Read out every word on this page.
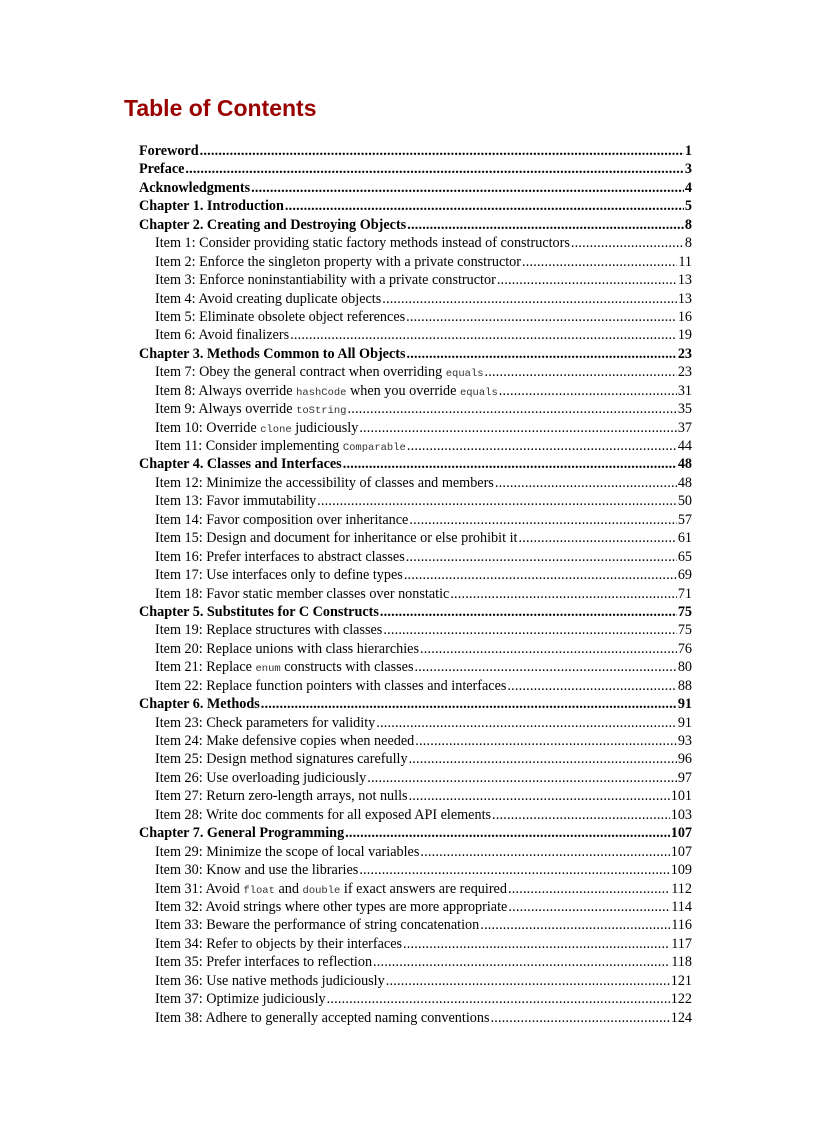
Table of Contents
Foreword .....	1
Preface .....	3
Acknowledgments .....	4
Chapter 1. Introduction .....	5
Chapter 2. Creating and Destroying Objects .....	8
Item 1: Consider providing static factory methods instead of constructors .....	8
Item 2: Enforce the singleton property with a private constructor .....	11
Item 3: Enforce noninstantiability with a private constructor .....	13
Item 4: Avoid creating duplicate objects .....	13
Item 5: Eliminate obsolete object references .....	16
Item 6: Avoid finalizers .....	19
Chapter 3. Methods Common to All Objects .....	23
Item 7: Obey the general contract when overriding equals .....	23
Item 8: Always override hashCode when you override equals .....	31
Item 9: Always override toString .....	35
Item 10: Override clone judiciously .....	37
Item 11: Consider implementing Comparable .....	44
Chapter 4. Classes and Interfaces .....	48
Item 12: Minimize the accessibility of classes and members .....	48
Item 13: Favor immutability .....	50
Item 14: Favor composition over inheritance .....	57
Item 15: Design and document for inheritance or else prohibit it .....	61
Item 16: Prefer interfaces to abstract classes .....	65
Item 17: Use interfaces only to define types .....	69
Item 18: Favor static member classes over nonstatic .....	71
Chapter 5. Substitutes for C Constructs .....	75
Item 19: Replace structures with classes .....	75
Item 20: Replace unions with class hierarchies .....	76
Item 21: Replace enum constructs with classes .....	80
Item 22: Replace function pointers with classes and interfaces .....	88
Chapter 6. Methods .....	91
Item 23: Check parameters for validity .....	91
Item 24: Make defensive copies when needed .....	93
Item 25: Design method signatures carefully .....	96
Item 26: Use overloading judiciously .....	97
Item 27: Return zero-length arrays, not nulls .....	101
Item 28: Write doc comments for all exposed API elements .....	103
Chapter 7. General Programming .....	107
Item 29: Minimize the scope of local variables .....	107
Item 30: Know and use the libraries .....	109
Item 31: Avoid float and double if exact answers are required .....	112
Item 32: Avoid strings where other types are more appropriate .....	114
Item 33: Beware the performance of string concatenation .....	116
Item 34: Refer to objects by their interfaces .....	117
Item 35: Prefer interfaces to reflection .....	118
Item 36: Use native methods judiciously .....	121
Item 37: Optimize judiciously .....	122
Item 38: Adhere to generally accepted naming conventions .....	124
